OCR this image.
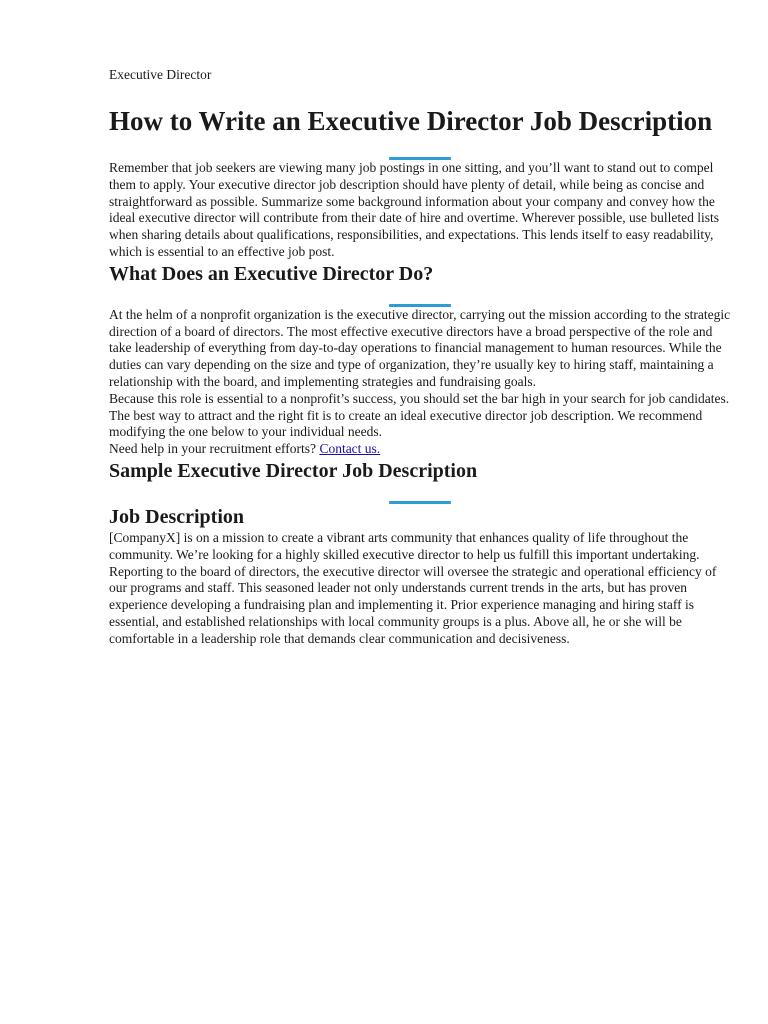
Executive Director
How to Write an Executive Director Job Description

Remember that job seekers are viewing many job postings in one sitting, and you’ll want to stand out to compel them to apply. Your executive director job description should have plenty of detail, while being as concise and straightforward as possible. Summarize some background information about your company and convey how the ideal executive director will contribute from their date of hire and overtime. Wherever possible, use bulleted lists when sharing details about qualifications, responsibilities, and expectations. This lends itself to easy readability, which is essential to an effective job post.

What Does an Executive Director Do?

At the helm of a nonprofit organization is the executive director, carrying out the mission according to the strategic direction of a board of directors. The most effective executive directors have a broad perspective of the role and take leadership of everything from day-to-day operations to financial management to human resources. While the duties can vary depending on the size and type of organization, they’re usually key to hiring staff, maintaining a relationship with the board, and implementing strategies and fundraising goals.

Because this role is essential to a nonprofit’s success, you should set the bar high in your search for job candidates. The best way to attract and the right fit is to create an ideal executive director job description. We recommend modifying the one below to your individual needs.

Need help in your recruitment efforts? Contact us.

Sample Executive Director Job Description
Job Description

[CompanyX] is on a mission to create a vibrant arts community that enhances quality of life throughout the community. We’re looking for a highly skilled executive director to help us fulfill this important undertaking. Reporting to the board of directors, the executive director will oversee the strategic and operational efficiency of our programs and staff. This seasoned leader not only understands current trends in the arts, but has proven experience developing a fundraising plan and implementing it. Prior experience managing and hiring staff is essential, and established relationships with local community groups is a plus. Above all, he or she will be comfortable in a leadership role that demands clear communication and decisiveness.
